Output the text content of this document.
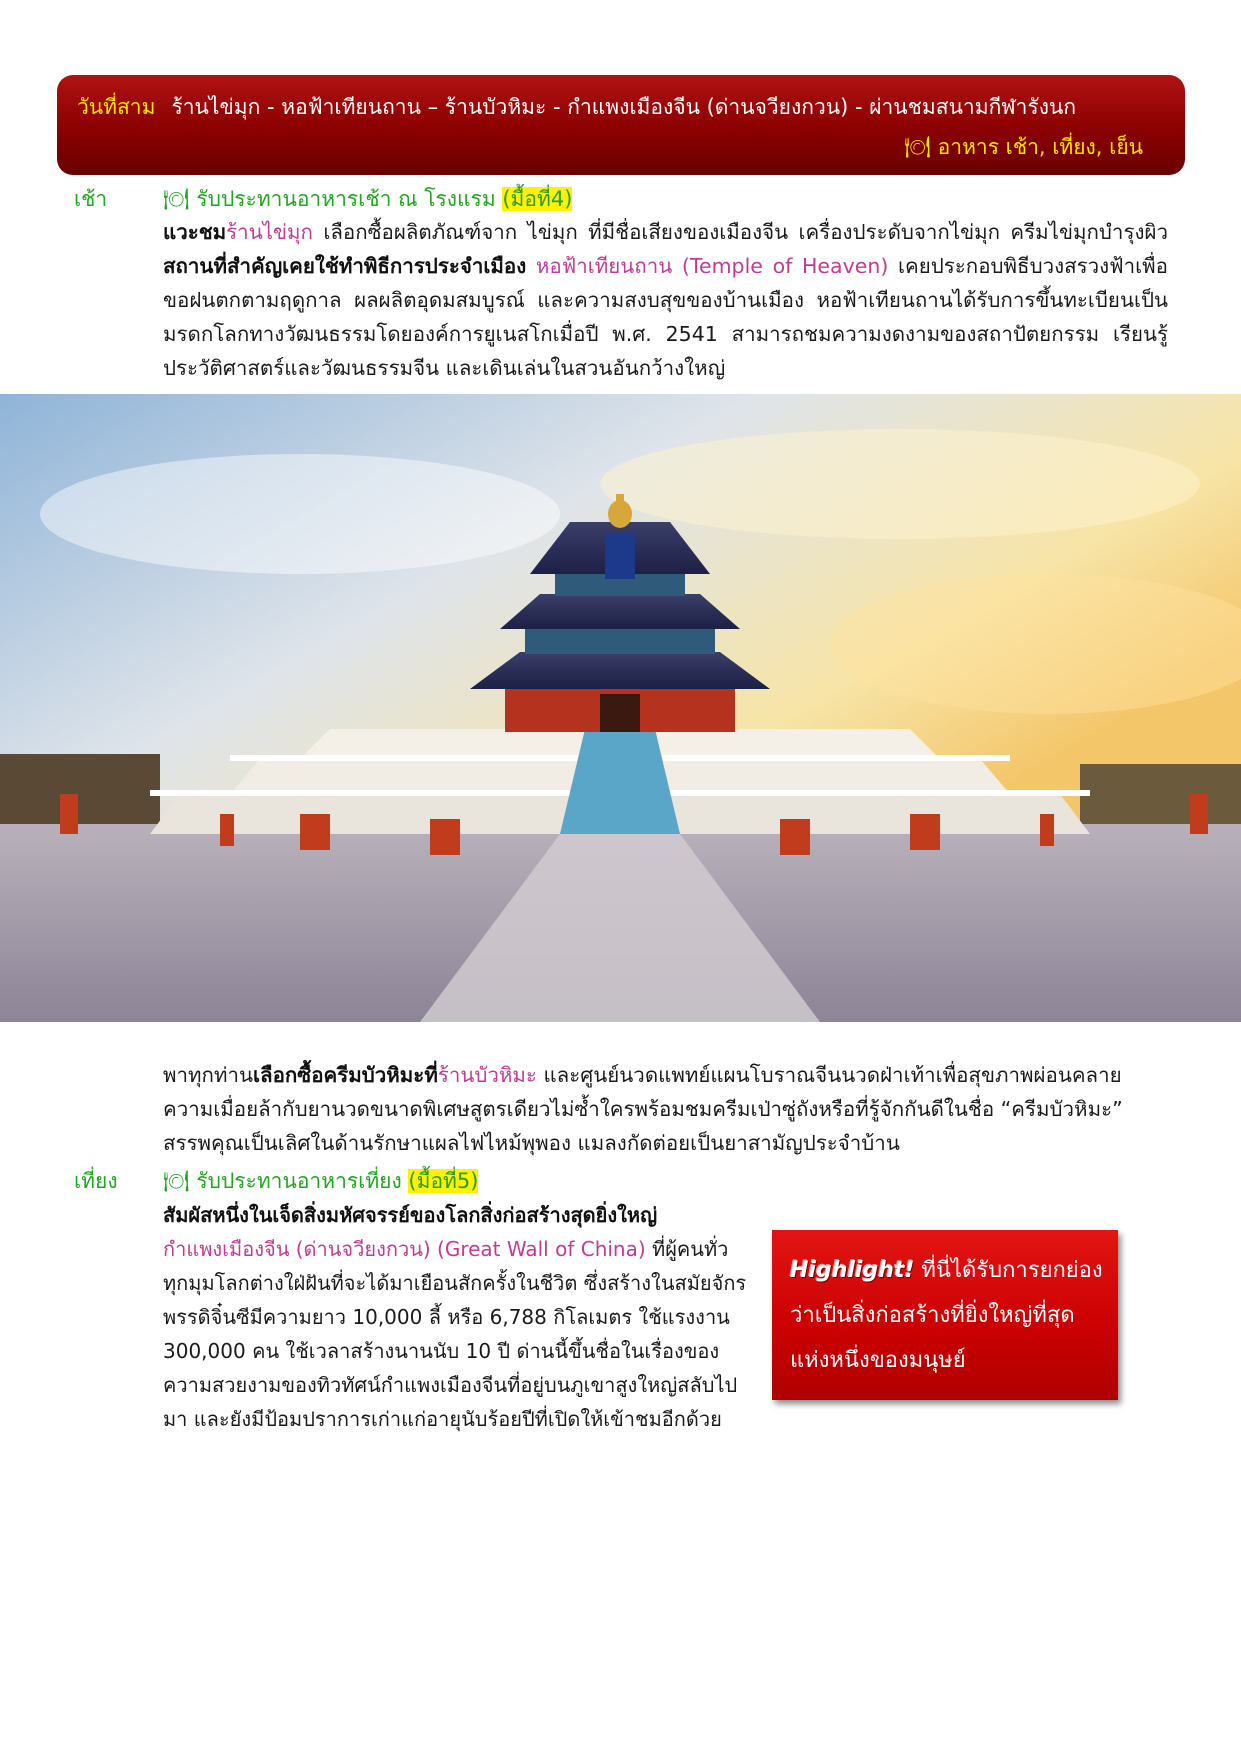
วันที่สาม ร้านไข่มุก - หอฟ้าเทียนถาน – ร้านบัวหิมะ - กำแพงเมืองจีน (ด่านจวียงกวน) - ผ่านชมสนามกีฬารังนก
🍽 อาหาร เช้า, เที่ยง, เย็น
เช้า	🍽 รับประทานอาหารเช้า ณ โรงแรม (มื้อที่4)
แวะชมร้านไข่มุก เลือกซื้อผลิตภัณฑ์จาก ไข่มุก ที่มีชื่อเสียงของเมืองจีน เครื่องประดับจากไข่มุก ครีมไข่มุกบำรุงผิว สถานที่สำคัญเคยใช้ทำพิธีการประจำเมือง หอฟ้าเทียนถาน (Temple of Heaven) เคยประกอบพิธีบวงสรวงฟ้าเพื่อขอฝนตกตามฤดูกาล ผลผลิตอุดมสมบูรณ์ และความสงบสุขของบ้านเมือง หอฟ้าเทียนถานได้รับการขึ้นทะเบียนเป็นมรดกโลกทางวัฒนธรรมโดยองค์การยูเนสโกเมื่อปี พ.ศ. 2541 สามารถชมความงดงามของสถาปัตยกรรม เรียนรู้ประวัติศาสตร์และวัฒนธรรมจีน และเดินเล่นในสวนอันกว้างใหญ่
พาทุกท่านเลือกซื้อครีมบัวหิมะที่ร้านบัวหิมะ และศูนย์นวดแพทย์แผนโบราณจีนนวดฝ่าเท้าเพื่อสุขภาพผ่อนคลายความเมื่อยล้ากับยานวดขนาดพิเศษสูตรเดียวไม่ซ้ำใครพร้อมชมครีมเป่าซู่ถังหรือที่รู้จักกันดีในชื่อ “ครีมบัวหิมะ” สรรพคุณเป็นเลิศในด้านรักษาแผลไฟไหม้พุพอง แมลงกัดต่อยเป็นยาสามัญประจำบ้าน
เที่ยง 🍽 รับประทานอาหารเที่ยง (มื้อที่5)
สัมผัสหนึ่งในเจ็ดสิ่งมหัศจรรย์ของโลกสิ่งก่อสร้างสุดยิ่งใหญ่
กำแพงเมืองจีน (ด่านจวียงกวน) (Great Wall of China) ที่ผู้คนทั่วทุกมุมโลกต่างใฝ่ฝันที่จะได้มาเยือนสักครั้งในชีวิต ซึ่งสร้างในสมัยจักรพรรดิจิ๋นซีมีความยาว 10,000 ลี้ หรือ 6,788 กิโลเมตร ใช้แรงงาน 300,000 คน ใช้เวลาสร้างนานนับ 10 ปี ด่านนี้ขึ้นชื่อในเรื่องของความสวยงามของทิวทัศน์กำแพงเมืองจีนที่อยู่บนภูเขาสูงใหญ่สลับไปมา และยังมีป้อมปราการเก่าแก่อายุนับร้อยปีที่เปิดให้เข้าชมอีกด้วย
Highlight! ที่นี่ได้รับการยกย่องว่าเป็นสิ่งก่อสร้างที่ยิ่งใหญ่ที่สุดแห่งหนึ่งของมนุษย์
